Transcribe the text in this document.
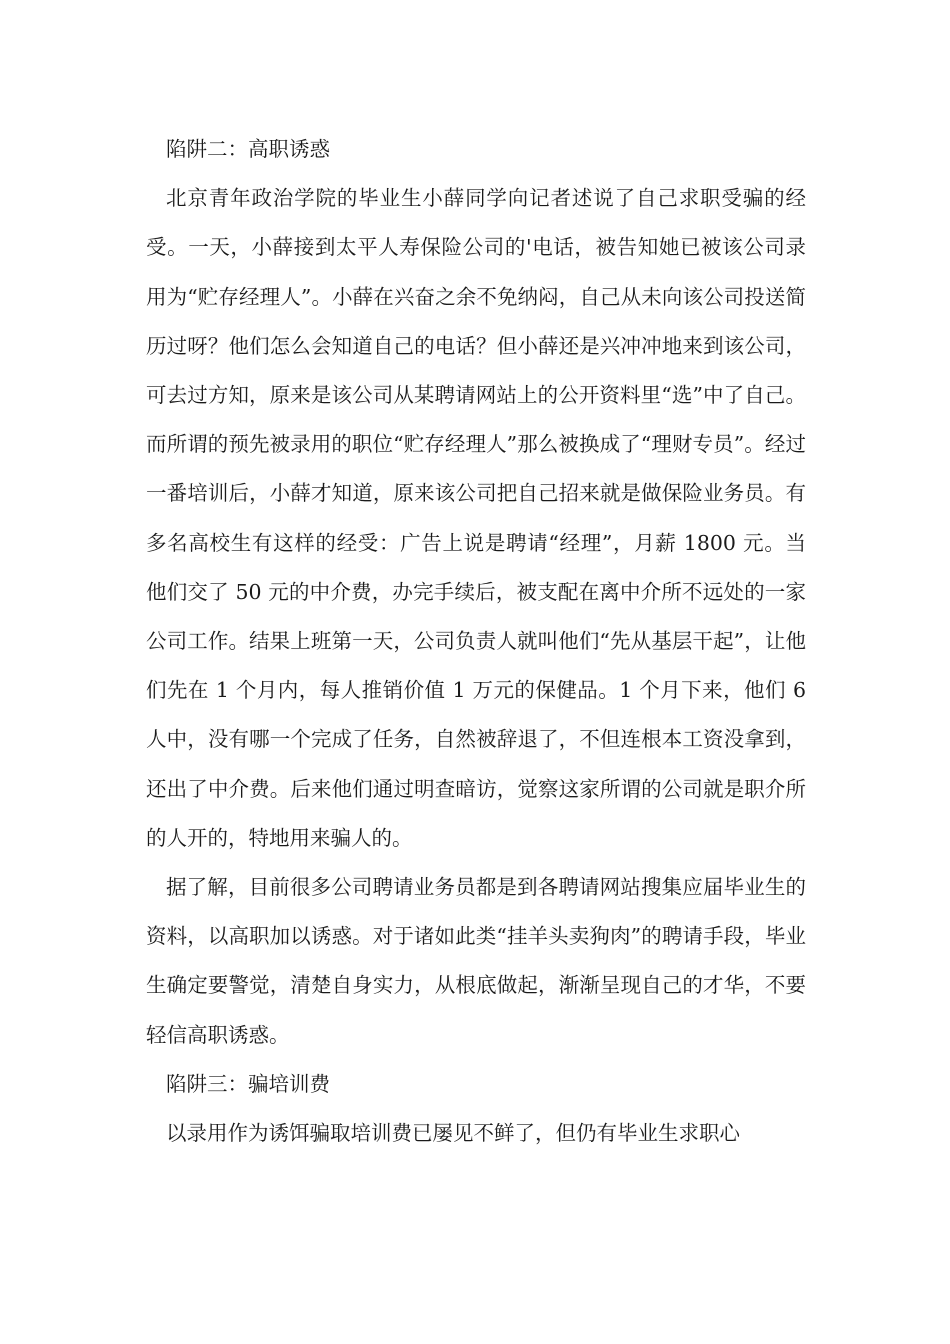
陷阱二：高职诱惑

北京青年政治学院的毕业生小薛同学向记者述说了自己求职受骗的经受。一天，小薛接到太平人寿保险公司的'电话，被告知她已被该公司录用为“贮存经理人”。小薛在兴奋之余不免纳闷，自己从未向该公司投送简历过呀？他们怎么会知道自己的电话？但小薛还是兴冲冲地来到该公司，可去过方知，原来是该公司从某聘请网站上的公开资料里“选”中了自己。而所谓的预先被录用的职位“贮存经理人”那么被换成了“理财专员”。经过一番培训后，小薛才知道，原来该公司把自己招来就是做保险业务员。有多名高校生有这样的经受：广告上说是聘请“经理”，月薪 1800 元。当他们交了 50 元的中介费，办完手续后，被支配在离中介所不远处的一家公司工作。结果上班第一天，公司负责人就叫他们“先从基层干起”，让他们先在 1 个月内，每人推销价值 1 万元的保健品。1 个月下来，他们 6 人中，没有哪一个完成了任务，自然被辞退了，不但连根本工资没拿到，还出了中介费。后来他们通过明查暗访，觉察这家所谓的公司就是职介所的人开的，特地用来骗人的。

据了解，目前很多公司聘请业务员都是到各聘请网站搜集应届毕业生的资料，以高职加以诱惑。对于诸如此类“挂羊头卖狗肉”的聘请手段，毕业生确定要警觉，清楚自身实力，从根底做起，渐渐呈现自己的才华，不要轻信高职诱惑。

陷阱三：骗培训费

以录用作为诱饵骗取培训费已屡见不鲜了，但仍有毕业生求职心
